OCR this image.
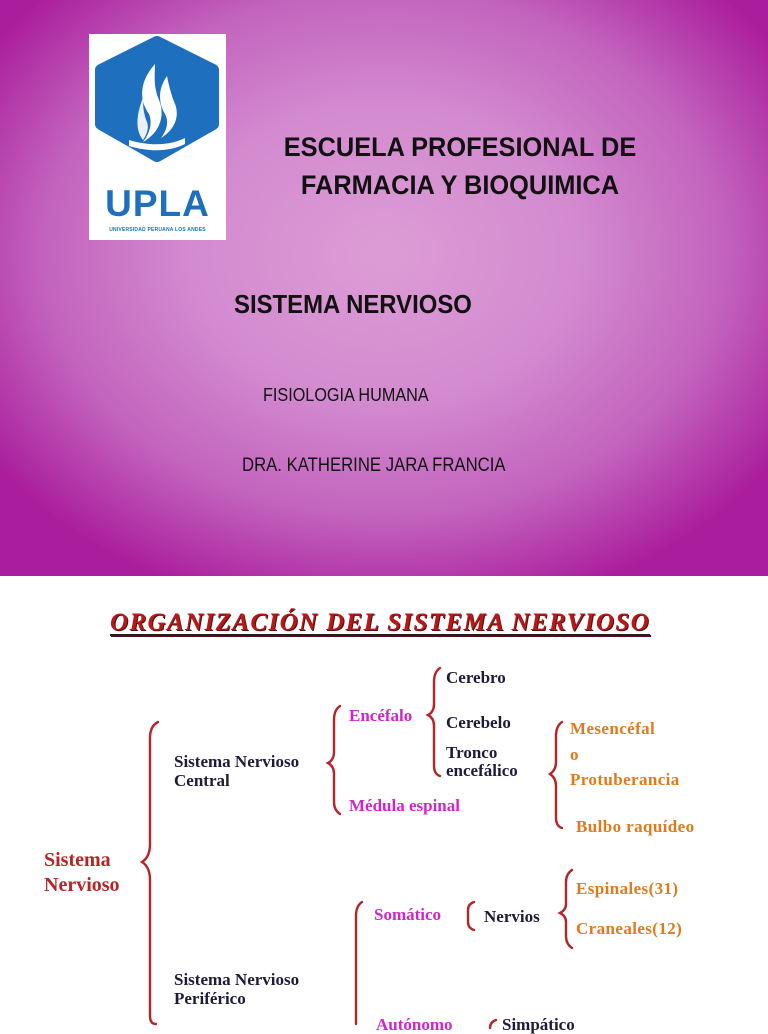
UPLA
UNIVERSIDAD PERUANA LOS ANDES
ESCUELA PROFESIONAL DE
FARMACIA Y BIOQUIMICA
SISTEMA NERVIOSO
FISIOLOGIA HUMANA
DRA. KATHERINE JARA FRANCIA
ORGANIZACIÓN DEL SISTEMA NERVIOSO
Sistema
Nervioso
Sistema Nervioso
Central
Sistema Nervioso
Periférico
Encéfalo
Médula espinal
Cerebro
Cerebelo
Tronco
encefálico
Mesencéfal
o
Protuberancia
Bulbo raquídeo
Somático	Nervios
Espinales(31)
Craneales(12)
Autónomo	Simpático
